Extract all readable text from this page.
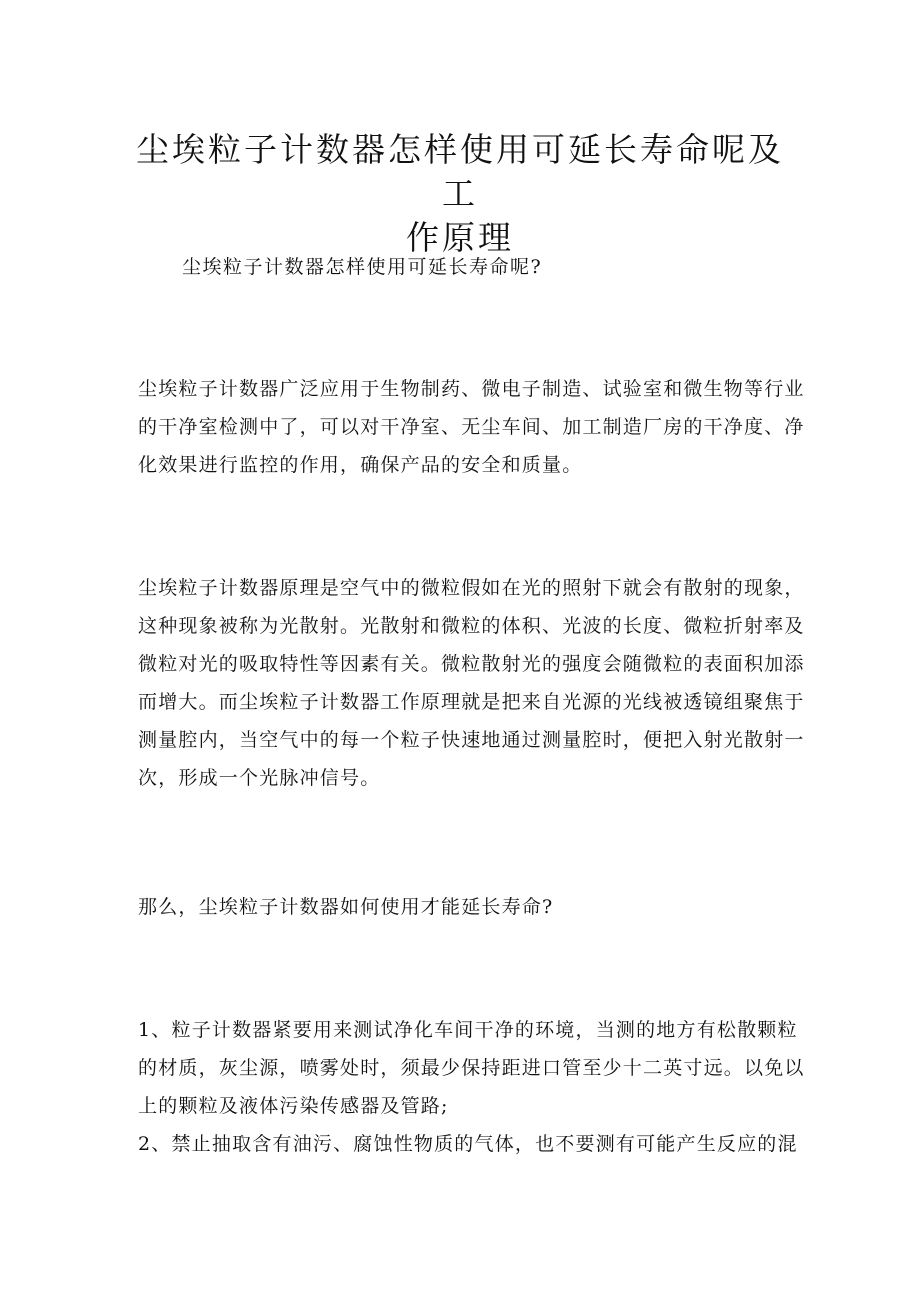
尘埃粒子计数器怎样使用可延长寿命呢及工
作原理

尘埃粒子计数器怎样使用可延长寿命呢?

尘埃粒子计数器广泛应用于生物制药、微电子制造、试验室和微生物等行业
的干净室检测中了，可以对干净室、无尘车间、加工制造厂房的干净度、净
化效果进行监控的作用，确保产品的安全和质量。

尘埃粒子计数器原理是空气中的微粒假如在光的照射下就会有散射的现象，
这种现象被称为光散射。光散射和微粒的体积、光波的长度、微粒折射率及
微粒对光的吸取特性等因素有关。微粒散射光的强度会随微粒的表面积加添
而增大。而尘埃粒子计数器工作原理就是把来自光源的光线被透镜组聚焦于
测量腔内，当空气中的每一个粒子快速地通过测量腔时，便把入射光散射一
次，形成一个光脉冲信号。

那么，尘埃粒子计数器如何使用才能延长寿命?

1、粒子计数器紧要用来测试净化车间干净的环境，当测的地方有松散颗粒
的材质，灰尘源，喷雾处时，须最少保持距进口管至少十二英寸远。以免以
上的颗粒及液体污染传感器及管路;
2、禁止抽取含有油污、腐蚀性物质的气体，也不要测有可能产生反应的混
